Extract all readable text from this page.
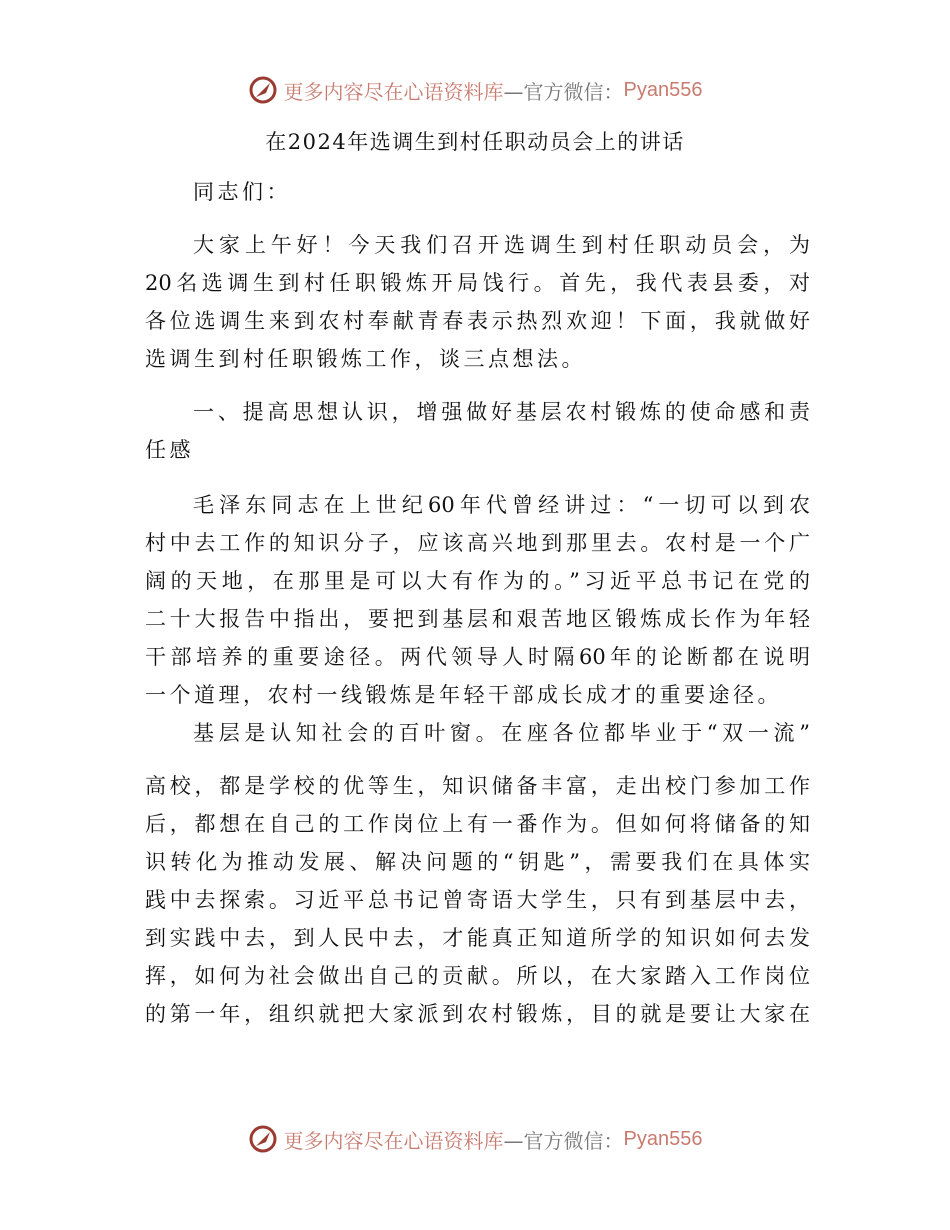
更多内容尽在心语资料库 —官方微信： Pyan556
在2024年选调生到村任职动员会上的讲话
同志们：
大家上午好！今天我们召开选调生到村任职动员会，为
20名选调生到村任职锻炼开局饯行。首先，我代表县委，对
各位选调生来到农村奉献青春表示热烈欢迎！下面，我就做好
选调生到村任职锻炼工作，谈三点想法。
一、提高思想认识，增强做好基层农村锻炼的使命感和责
任感
毛泽东同志在上世纪60年代曾经讲过：“一切可以到农
村中去工作的知识分子，应该高兴地到那里去。农村是一个广
阔的天地，在那里是可以大有作为的。”习近平总书记在党的
二十大报告中指出，要把到基层和艰苦地区锻炼成长作为年轻
干部培养的重要途径。两代领导人时隔60年的论断都在说明
一个道理，农村一线锻炼是年轻干部成长成才的重要途径。
基层是认知社会的百叶窗。在座各位都毕业于“双一流”
高校，都是学校的优等生，知识储备丰富，走出校门参加工作
后，都想在自己的工作岗位上有一番作为。但如何将储备的知
识转化为推动发展、解决问题的“钥匙”，需要我们在具体实
践中去探索。习近平总书记曾寄语大学生，只有到基层中去，
到实践中去，到人民中去，才能真正知道所学的知识如何去发
挥，如何为社会做出自己的贡献。所以，在大家踏入工作岗位
的第一年，组织就把大家派到农村锻炼，目的就是要让大家在
更多内容尽在心语资料库 —官方微信： Pyan556
